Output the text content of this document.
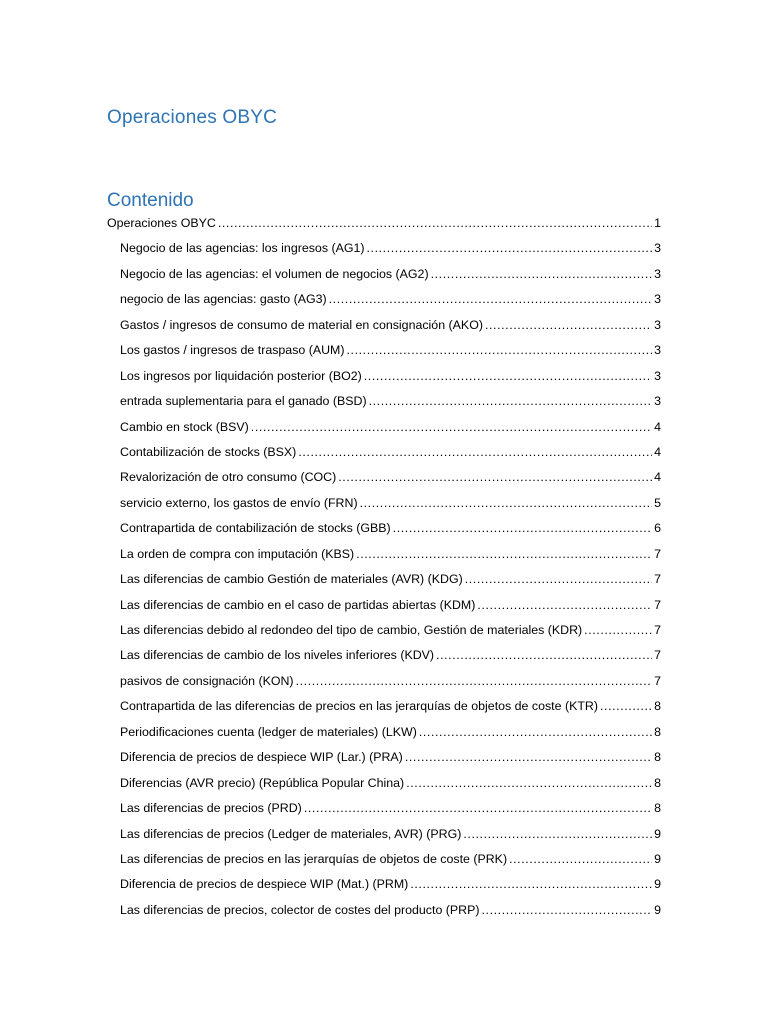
Operaciones OBYC
Contenido
Operaciones OBYC .....	1
Negocio de las agencias: los ingresos (AG1) .....	3
Negocio de las agencias: el volumen de negocios (AG2) .....	3
negocio de las agencias: gasto (AG3) .....	3
Gastos / ingresos de consumo de material en consignación (AKO) .....	3
Los gastos / ingresos de traspaso (AUM) .....	3
Los ingresos por liquidación posterior (BO2) .....	3
entrada suplementaria para el ganado (BSD) .....	3
Cambio en stock (BSV) .....	4
Contabilización de stocks (BSX) .....	4
Revalorización de otro consumo (COC) .....	4
servicio externo, los gastos de envío (FRN) .....	5
Contrapartida de contabilización de stocks (GBB) .....	6
La orden de compra con imputación (KBS) .....	7
Las diferencias de cambio Gestión de materiales (AVR) (KDG) .....	7
Las diferencias de cambio en el caso de partidas abiertas (KDM) .....	7
Las diferencias debido al redondeo del tipo de cambio, Gestión de materiales (KDR) .....	7
Las diferencias de cambio de los niveles inferiores (KDV) .....	7
pasivos de consignación (KON) .....	7
Contrapartida de las diferencias de precios en las jerarquías de objetos de coste (KTR) .....	8
Periodificaciones cuenta (ledger de materiales) (LKW) .....	8
Diferencia de precios de despiece WIP (Lar.) (PRA) .....	8
Diferencias (AVR precio) (República Popular China) .....	8
Las diferencias de precios (PRD) .....	8
Las diferencias de precios (Ledger de materiales, AVR) (PRG) .....	9
Las diferencias de precios en las jerarquías de objetos de coste (PRK) .....	9
Diferencia de precios de despiece WIP (Mat.) (PRM) .....	9
Las diferencias de precios, colector de costes del producto (PRP) .....	9
